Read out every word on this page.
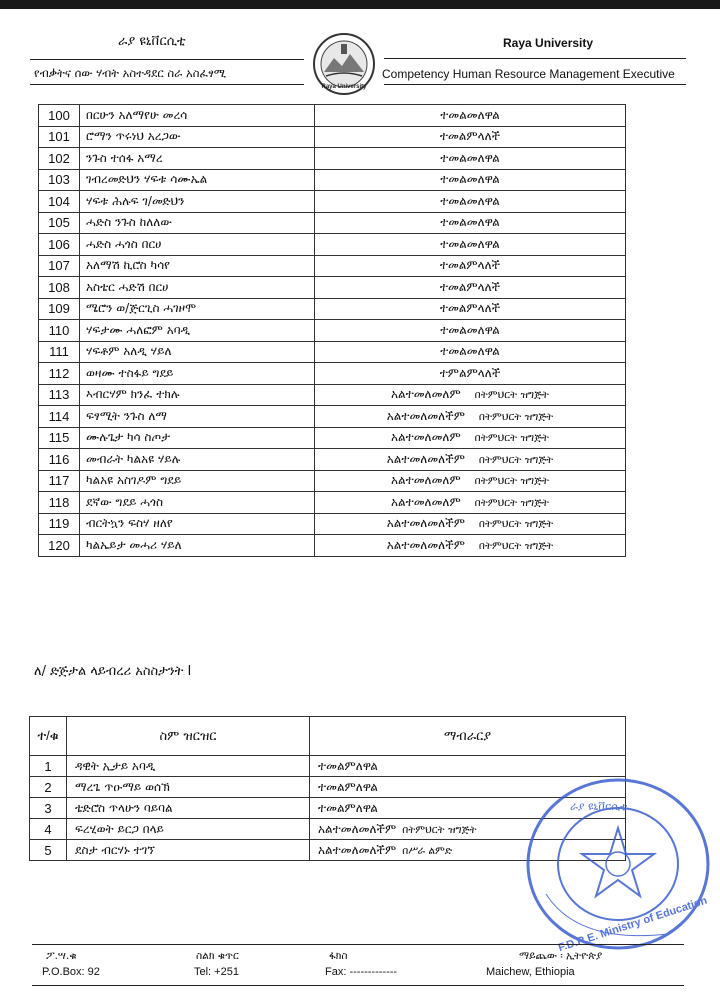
ራያ ዩኒቨርሲቲ
የብቃትና ሰው ሃብት አስተዳደር ስራ አስፈፃሚ
Raya University
Competency Human Resource Management Executive
Raya University
100	በርሁን አለማየሁ መረሳ	ተመልመለዋል
101	ሮማን ጥሩነህ አረጋው	ተመልምላለች
102	ንጉስ ተሰፋ አማረ	ተመልመለዋል
103	ገብረመድህን ሃፍቱ ሳሙኤል	ተመልመለዋል
104	ሃፍቱ ሕሉፍ ገ/መድህን	ተመልመለዋል
105	ሓድስ ንጉስ ከለለው	ተመልመለዋል
106	ሓድስ ሓጎስ በርሀ	ተመልመለዋል
107	አለማሽ ኪሮስ ካሳየ	ተመልምላለች
108	አስቴር ሓድሽ በርሀ	ተመልምላለች
109	ሜሮን ወ/ጅርጊስ ሓገዞሞ	ተመልምላለች
110	ሃፍታሙ ሓለፎም አባዲ	ተመልመለዋል
111	ሃፍቶም አለዲ ሃይለ	ተመልመለዋል
112	ወዛሙ ተስፋይ ግደይ	ተምልምላለች
113	ኣብርሃም ክንፈ ተክሉ	አልተመለመለም በትምህርት ዝግጅት
114	ፍፃሚት ንጉስ ለማ	አልተመለመለችም በትምህርት ዝግጅት
115	ሙሉጌታ ካሳ ስጦታ	አልተመለመለም በትምህርት ዝግጅት
116	መብራት ካልአዩ ሃይሉ	አልተመለመለችም በትምህርት ዝግጅት
117	ካልአዩ አስገዶም ግደይ	አልተመለመለም በትምህርት ዝግጅት
118	ደኛው ግደይ ሓጎስ	አልተመለመለም በትምህርት ዝግጅት
119	ብርትኳን ፍስሃ ዘለየ	አልተመለመለችም በትምህርት ዝግጅት
120	ካልኤይታ መሓሪ ሃይለ	አልተመለመለችም በትምህርት ዝግጅት
ለ/ ድጅታል ላይብረሪ አስስታንት I
ተ/ቁ	ስም ዝርዝር	ማብራርያ
1	ዳዊት ኢታይ አባዲ	ተመልምለዋል
2	ማረጌ ጥዑማይ ወሰኽ	ተመልምለዋል
3	ቴድሮስ ጥላሁን ባይባል	ተመልምለዋል
4	ፍረሂወት ይርጋ በላይ	አልተመለመለችም በትምህርት ዝግጅት
5	ደስታ ብርሃኑ ተገኘ	አልተመለመለችም በሥራ ልምድ
ራያ ዩኒቨርሲቲ
F.D.R.E. Ministry of Education
ፖ.ሣ.ቁ
P.O.Box: 92
ስልክ ቁጥር
Tel: +251
ፋክስ
Fax: -------------
ማይጨው ፡ ኢትዮጵያ
Maichew, Ethiopia
